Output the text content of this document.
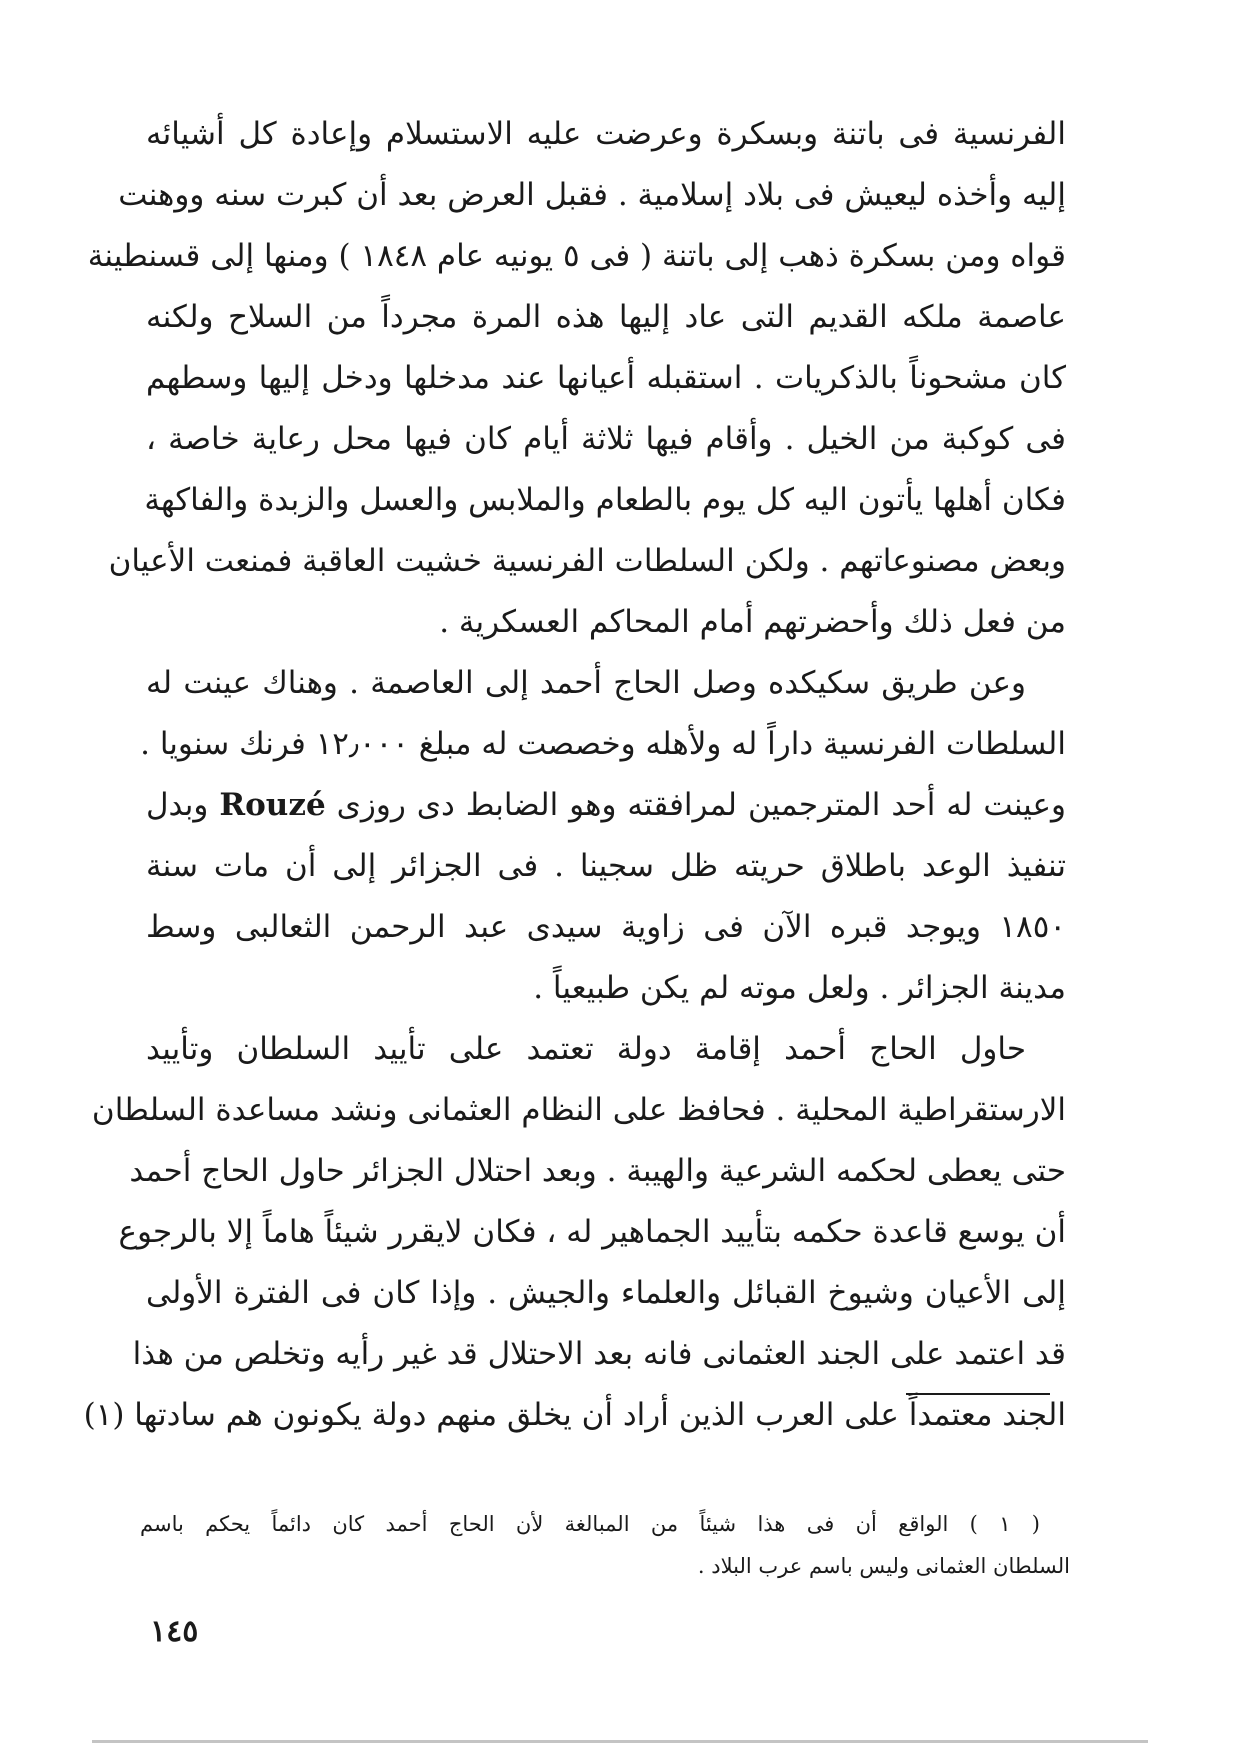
الفرنسية فى باتنة وبسكرة وعرضت عليه الاستسلام وإعادة كل أشيائه
إليه وأخذه ليعيش فى بلاد إسلامية . فقبل العرض بعد أن كبرت سنه ووهنت
قواه ومن بسكرة ذهب إلى باتنة ( فى ٥ يونيه عام ١٨٤٨ ) ومنها إلى قسنطينة
عاصمة ملكه القديم التى عاد إليها هذه المرة مجرداً من السلاح ولكنه
كان مشحوناً بالذكريات . استقبله أعيانها عند مدخلها ودخل إليها وسطهم
فى كوكبة من الخيل . وأقام فيها ثلاثة أيام كان فيها محل رعاية خاصة ،
فكان أهلها يأتون اليه كل يوم بالطعام والملابس والعسل والزبدة والفاكهة
وبعض مصنوعاتهم . ولكن السلطات الفرنسية خشيت العاقبة فمنعت الأعيان
من فعل ذلك وأحضرتهم أمام المحاكم العسكرية .
وعن طريق سكيكده وصل الحاج أحمد إلى العاصمة . وهناك عينت له
السلطات الفرنسية داراً له ولأهله وخصصت له مبلغ ١٢٫٠٠٠ فرنك سنويا .
وعينت له أحد المترجمين لمرافقته وهو الضابط دى روزى Rouzé وبدل
تنفيذ الوعد باطلاق حريته ظل سجينا . فى الجزائر إلى أن مات سنة
١٨٥٠ ويوجد قبره الآن فى زاوية سيدى عبد الرحمن الثعالبى وسط
مدينة الجزائر . ولعل موته لم يكن طبيعياً .
حاول الحاج أحمد إقامة دولة تعتمد على تأييد السلطان وتأييد
الارستقراطية المحلية . فحافظ على النظام العثمانى ونشد مساعدة السلطان
حتى يعطى لحكمه الشرعية والهيبة . وبعد احتلال الجزائر حاول الحاج أحمد
أن يوسع قاعدة حكمه بتأييد الجماهير له ، فكان لايقرر شيئاً هاماً إلا بالرجوع
إلى الأعيان وشيوخ القبائل والعلماء والجيش . وإذا كان فى الفترة الأولى
قد اعتمد على الجند العثمانى فانه بعد الاحتلال قد غير رأيه وتخلص من هذا
الجند معتمداً على العرب الذين أراد أن يخلق منهم دولة يكونون هم سادتها (١)
( ١ ) الواقع أن فى هذا شيئاً من المبالغة لأن الحاج أحمد كان دائماً يحكم باسم
السلطان العثمانى وليس باسم عرب البلاد .
١٤٥
